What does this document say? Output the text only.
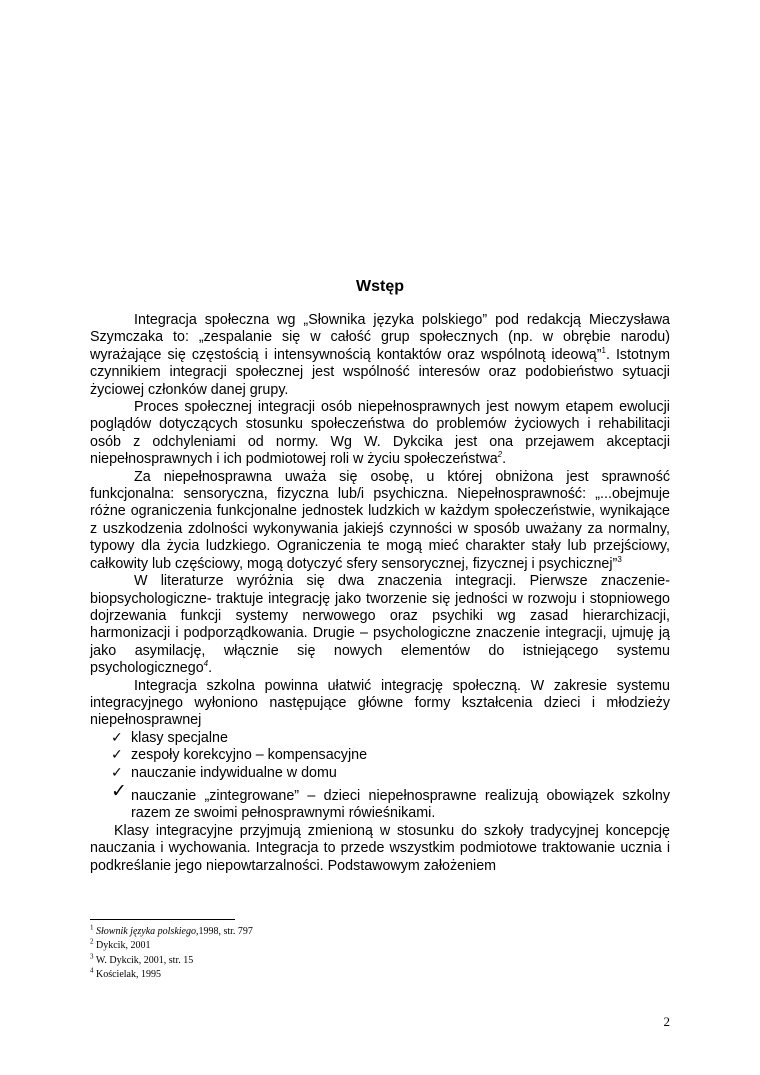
Wstęp

Integracja społeczna wg „Słownika języka polskiego” pod redakcją Mieczysława Szymczaka to: „zespalanie się w całość grup społecznych (np. w obrębie narodu) wyrażające się częstością i intensywnością kontaktów oraz wspólnotą ideową”$^1$. Istotnym czynnikiem integracji społecznej jest wspólność interesów oraz podobieństwo sytuacji życiowej członków danej grupy.

Proces społecznej integracji osób niepełnosprawnych jest nowym etapem ewolucji poglądów dotyczących stosunku społeczeństwa do problemów życiowych i rehabilitacji osób z odchyleniami od normy. Wg W. Dykcika jest ona przejawem akceptacji niepełnosprawnych i ich podmiotowej roli w życiu społeczeństwa$^2$.

Za niepełnosprawna uważa się osobę, u której obniżona jest sprawność funkcjonalna: sensoryczna, fizyczna lub/i psychiczna. Niepełnosprawność: „...obejmuje różne ograniczenia funkcjonalne jednostek ludzkich w każdym społeczeństwie, wynikające z uszkodzenia zdolności wykonywania jakiejś czynności w sposób uważany za normalny, typowy dla życia ludzkiego. Ograniczenia te mogą mieć charakter stały lub przejściowy, całkowity lub częściowy, mogą dotyczyć sfery sensorycznej, fizycznej i psychicznej”$^3$

W literaturze wyróżnia się dwa znaczenia integracji. Pierwsze znaczenie- biopsychologiczne- traktuje integrację jako tworzenie się jedności w rozwoju i stopniowego dojrzewania funkcji systemy nerwowego oraz psychiki wg zasad hierarchizacji, harmonizacji i podporządkowania. Drugie – psychologiczne znaczenie integracji, ujmuję ją jako asymilację, włącznie się nowych elementów do istniejącego systemu psychologicznego$^4$.

Integracja szkolna powinna ułatwić integrację społeczną. W zakresie systemu integracyjnego wyłoniono następujące główne formy kształcenia dzieci i młodzieży niepełnosprawnej

✓ klasy specjalne
✓ zespoły korekcyjno – kompensacyjne
✓ nauczanie indywidualne w domu
✓ nauczanie „zintegrowane” – dzieci niepełnosprawne realizują obowiązek szkolny razem ze swoimi pełnosprawnymi rówieśnikami.

Klasy integracyjne przyjmują zmienioną w stosunku do szkoły tradycyjnej koncepcję nauczania i wychowania. Integracja to przede wszystkim podmiotowe traktowanie ucznia i podkreślanie jego niepowtarzalności. Podstawowym założeniem

$^1$ Słownik języka polskiego,1998, str. 797
$^2$ Dykcik, 2001
$^3$ W. Dykcik, 2001, str. 15
$^4$ Kościelak, 1995
2
